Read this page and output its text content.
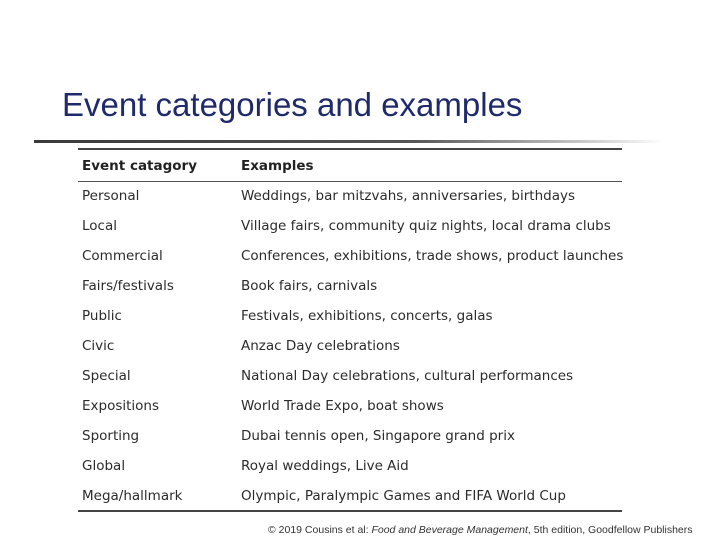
Event categories and examples
Event catagory	Examples
Personal	Weddings, bar mitzvahs, anniversaries, birthdays
Local	Village fairs, community quiz nights, local drama clubs
Commercial	Conferences, exhibitions, trade shows, product launches
Fairs/festivals	Book fairs, carnivals
Public	Festivals, exhibitions, concerts, galas
Civic	Anzac Day celebrations
Special	National Day celebrations, cultural performances
Expositions	World Trade Expo, boat shows
Sporting	Dubai tennis open, Singapore grand prix
Global	Royal weddings, Live Aid
Mega/hallmark	Olympic, Paralympic Games and FIFA World Cup
© 2019 Cousins et al: Food and Beverage Management, 5th edition, Goodfellow Publishers
